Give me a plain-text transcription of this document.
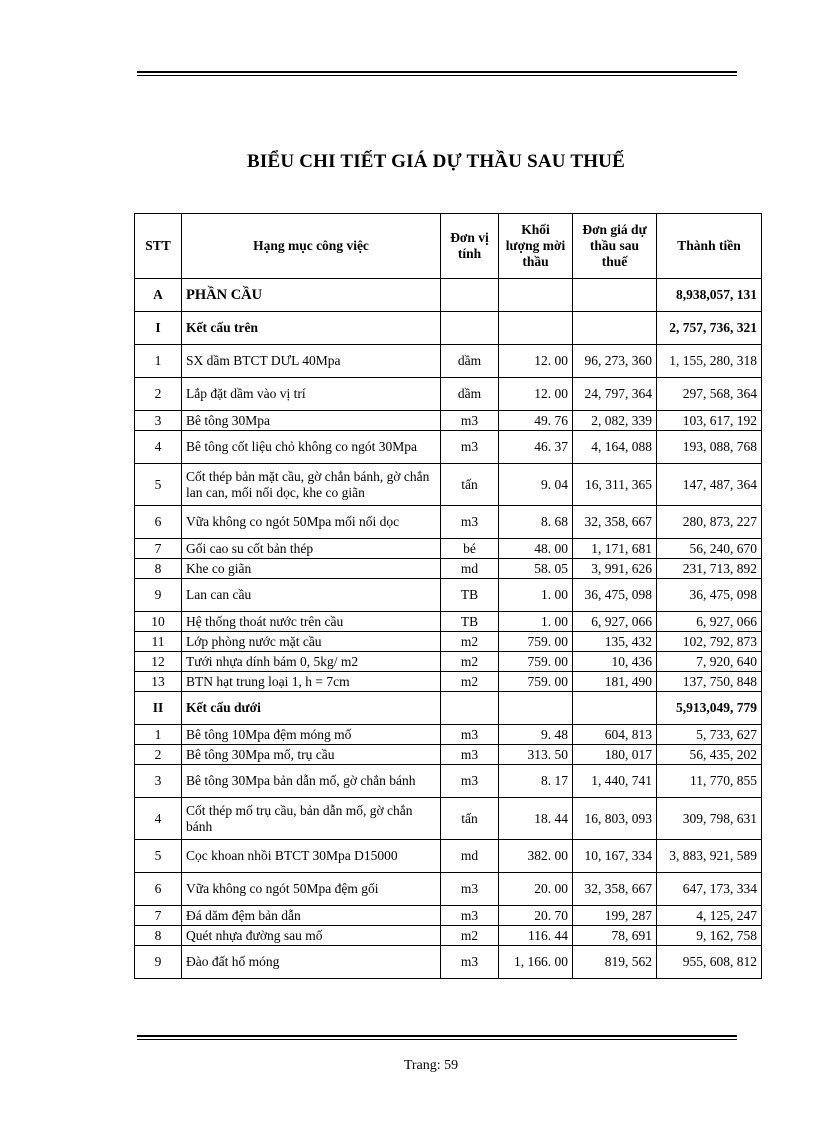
BIỂU CHI TIẾT GIÁ DỰ THẦU SAU THUẾ
STT	Hạng mục công việc	Đơn vị tính	Khối lượng mời thầu	Đơn giá dự thầu sau thuế	Thành tiền
A	PHẦN CẦU				8,938,057, 131
I	Kết cấu trên				2, 757, 736, 321
1	SX dầm BTCT DƯL 40Mpa	dầm	12. 00	96, 273, 360	1, 155, 280, 318
2	Lắp đặt dầm vào vị trí	dầm	12. 00	24, 797, 364	297, 568, 364
3	Bê tông 30Mpa	m3	49. 76	2, 082, 339	103, 617, 192
4	Bê tông cốt liệu chỏ không co ngót 30Mpa	m3	46. 37	4, 164, 088	193, 088, 768
5	Cốt thép bản mặt cầu, gờ chắn bánh, gờ chắn lan can, mối nối dọc, khe co giãn	tấn	9. 04	16, 311, 365	147, 487, 364
6	Vữa không co ngót 50Mpa mối nối dọc	m3	8. 68	32, 358, 667	280, 873, 227
7	Gối cao su cốt bản thép	bé	48. 00	1, 171, 681	56, 240, 670
8	Khe co giãn	md	58. 05	3, 991, 626	231, 713, 892
9	Lan can cầu	TB	1. 00	36, 475, 098	36, 475, 098
10	Hệ thống thoát nước trên cầu	TB	1. 00	6, 927, 066	6, 927, 066
11	Lớp phòng nước mặt cầu	m2	759. 00	135, 432	102, 792, 873
12	Tưới nhựa dính bám 0, 5kg/ m2	m2	759. 00	10, 436	7, 920, 640
13	BTN hạt trung loại 1, h = 7cm	m2	759. 00	181, 490	137, 750, 848
II	Kết cấu dưới				5,913,049, 779
1	Bê tông 10Mpa đệm móng mố	m3	9. 48	604, 813	5, 733, 627
2	Bê tông 30Mpa mố, trụ cầu	m3	313. 50	180, 017	56, 435, 202
3	Bê tông 30Mpa bản dẫn mố, gờ chắn bánh	m3	8. 17	1, 440, 741	11, 770, 855
4	Cốt thép mố trụ cầu, bản dẫn mố, gờ chắn bánh	tấn	18. 44	16, 803, 093	309, 798, 631
5	Cọc khoan nhồi BTCT 30Mpa D15000	md	382. 00	10, 167, 334	3, 883, 921, 589
6	Vữa không co ngót 50Mpa đệm gối	m3	20. 00	32, 358, 667	647, 173, 334
7	Đá dăm đệm bản dẫn	m3	20. 70	199, 287	4, 125, 247
8	Quét nhựa đường sau mố	m2	116. 44	78, 691	9, 162, 758
9	Đào đất hố móng	m3	1, 166. 00	819, 562	955, 608, 812
Trang: 59
